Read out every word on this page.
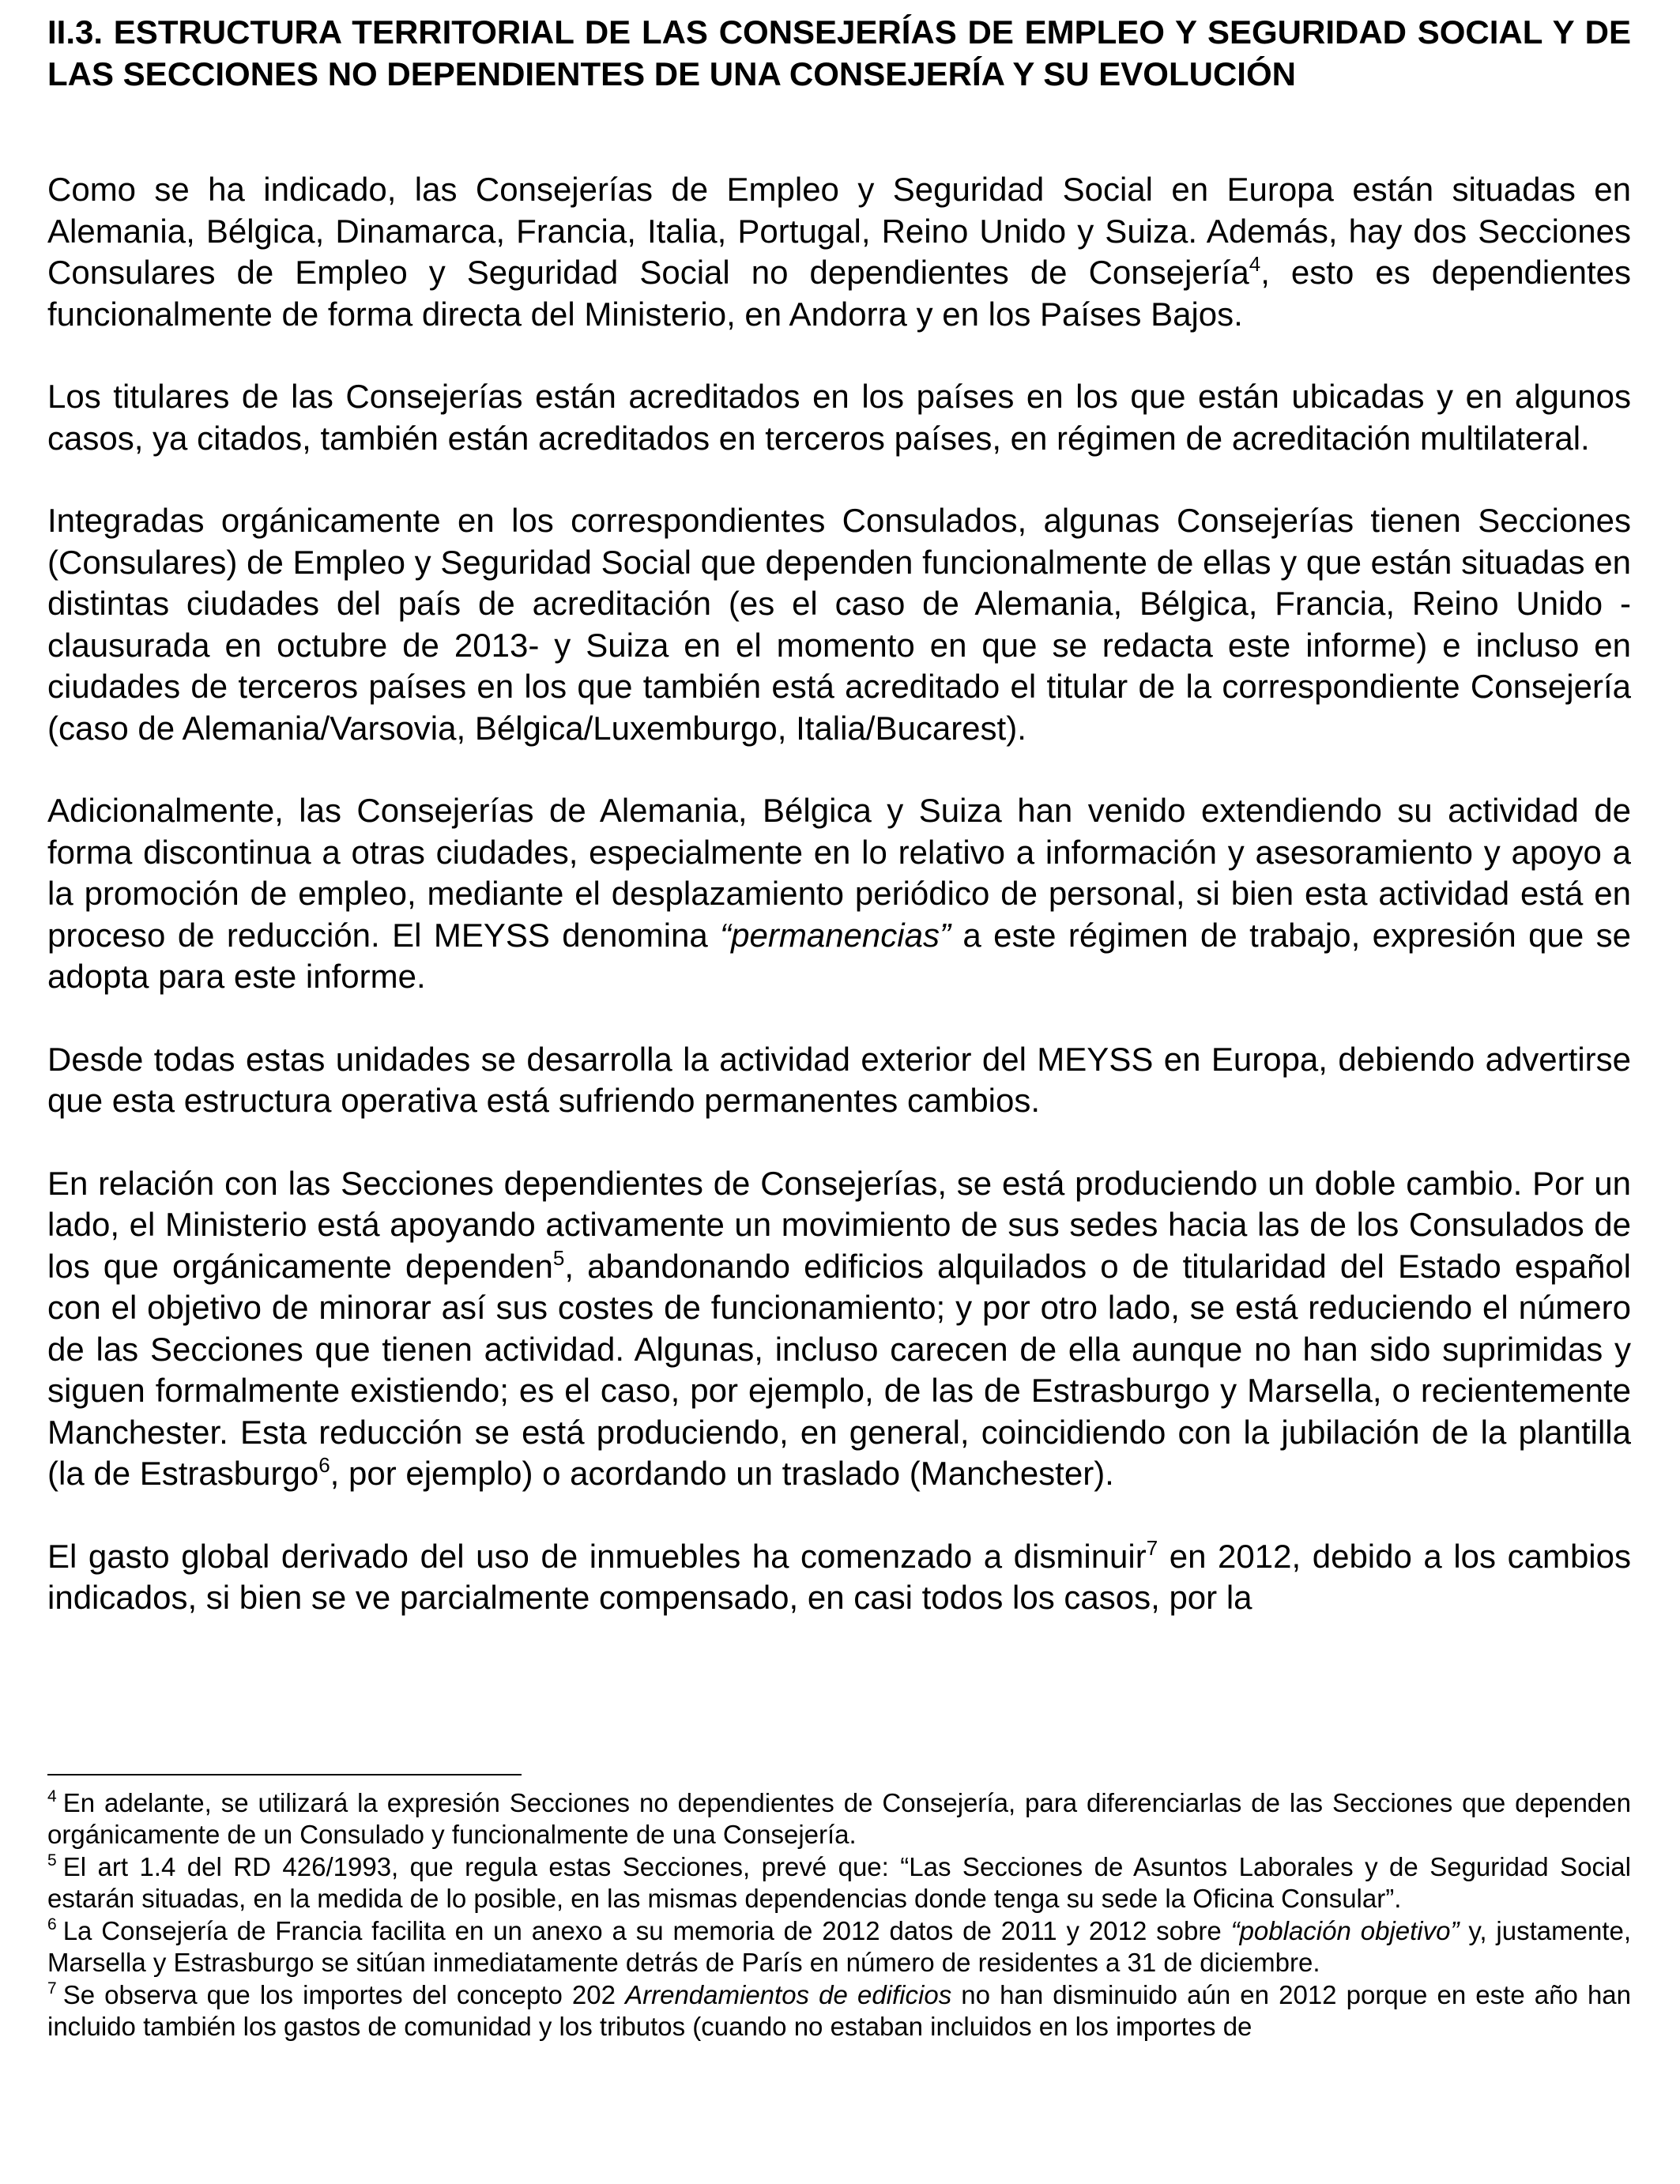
II.3. ESTRUCTURA TERRITORIAL DE LAS CONSEJERÍAS DE EMPLEO Y SEGURIDAD SOCIAL Y DE LAS SECCIONES NO DEPENDIENTES DE UNA CONSEJERÍA Y SU EVOLUCIÓN

Como se ha indicado, las Consejerías de Empleo y Seguridad Social en Europa están situadas en Alemania, Bélgica, Dinamarca, Francia, Italia, Portugal, Reino Unido y Suiza. Además, hay dos Secciones Consulares de Empleo y Seguridad Social no dependientes de Consejería$^4$, esto es dependientes funcionalmente de forma directa del Ministerio, en Andorra y en los Países Bajos.

Los titulares de las Consejerías están acreditados en los países en los que están ubicadas y en algunos casos, ya citados, también están acreditados en terceros países, en régimen de acreditación multilateral.

Integradas orgánicamente en los correspondientes Consulados, algunas Consejerías tienen Secciones (Consulares) de Empleo y Seguridad Social que dependen funcionalmente de ellas y que están situadas en distintas ciudades del país de acreditación (es el caso de Alemania, Bélgica, Francia, Reino Unido -clausurada en octubre de 2013- y Suiza en el momento en que se redacta este informe) e incluso en ciudades de terceros países en los que también está acreditado el titular de la correspondiente Consejería (caso de Alemania/Varsovia, Bélgica/Luxemburgo, Italia/Bucarest).

Adicionalmente, las Consejerías de Alemania, Bélgica y Suiza han venido extendiendo su actividad de forma discontinua a otras ciudades, especialmente en lo relativo a información y asesoramiento y apoyo a la promoción de empleo, mediante el desplazamiento periódico de personal, si bien esta actividad está en proceso de reducción. El MEYSS denomina “permanencias” a este régimen de trabajo, expresión que se adopta para este informe.

Desde todas estas unidades se desarrolla la actividad exterior del MEYSS en Europa, debiendo advertirse que esta estructura operativa está sufriendo permanentes cambios.

En relación con las Secciones dependientes de Consejerías, se está produciendo un doble cambio. Por un lado, el Ministerio está apoyando activamente un movimiento de sus sedes hacia las de los Consulados de los que orgánicamente dependen$^5$, abandonando edificios alquilados o de titularidad del Estado español con el objetivo de minorar así sus costes de funcionamiento; y por otro lado, se está reduciendo el número de las Secciones que tienen actividad. Algunas, incluso carecen de ella aunque no han sido suprimidas y siguen formalmente existiendo; es el caso, por ejemplo, de las de Estrasburgo y Marsella, o recientemente Manchester. Esta reducción se está produciendo, en general, coincidiendo con la jubilación de la plantilla (la de Estrasburgo$^6$, por ejemplo) o acordando un traslado (Manchester).

El gasto global derivado del uso de inmuebles ha comenzado a disminuir$^7$ en 2012, debido a los cambios indicados, si bien se ve parcialmente compensado, en casi todos los casos, por la

$^4$ En adelante, se utilizará la expresión Secciones no dependientes de Consejería, para diferenciarlas de las Secciones que dependen orgánicamente de un Consulado y funcionalmente de una Consejería.

$^5$ El art 1.4 del RD 426/1993, que regula estas Secciones, prevé que: “Las Secciones de Asuntos Laborales y de Seguridad Social estarán situadas, en la medida de lo posible, en las mismas dependencias donde tenga su sede la Oficina Consular”.

$^6$ La Consejería de Francia facilita en un anexo a su memoria de 2012 datos de 2011 y 2012 sobre “población objetivo” y, justamente, Marsella y Estrasburgo se sitúan inmediatamente detrás de París en número de residentes a 31 de diciembre.

$^7$ Se observa que los importes del concepto 202 Arrendamientos de edificios no han disminuido aún en 2012 porque en este año han incluido también los gastos de comunidad y los tributos (cuando no estaban incluidos en los importes de
